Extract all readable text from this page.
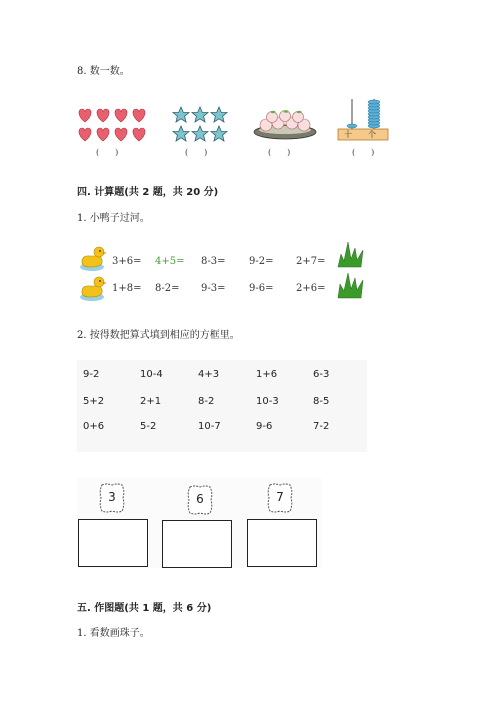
8. 数一数。
(　　)	(　　)	(　　)
十 个
(　　)
四. 计算题(共 2 题，共 20 分)
1. 小鸭子过河。
3+6= 4+5= 8-3= 9-2= 2+7=
1+8= 8-2= 9-3= 9-6= 2+6=
2. 按得数把算式填到相应的方框里。
9-2	10-4	4+3	1+6	6-3
5+2	2+1	8-2	10-3	8-5
0+6	5-2	10-7	9-6	7-2
3	6	7
五. 作图题(共 1 题，共 6 分)
1. 看数画珠子。
